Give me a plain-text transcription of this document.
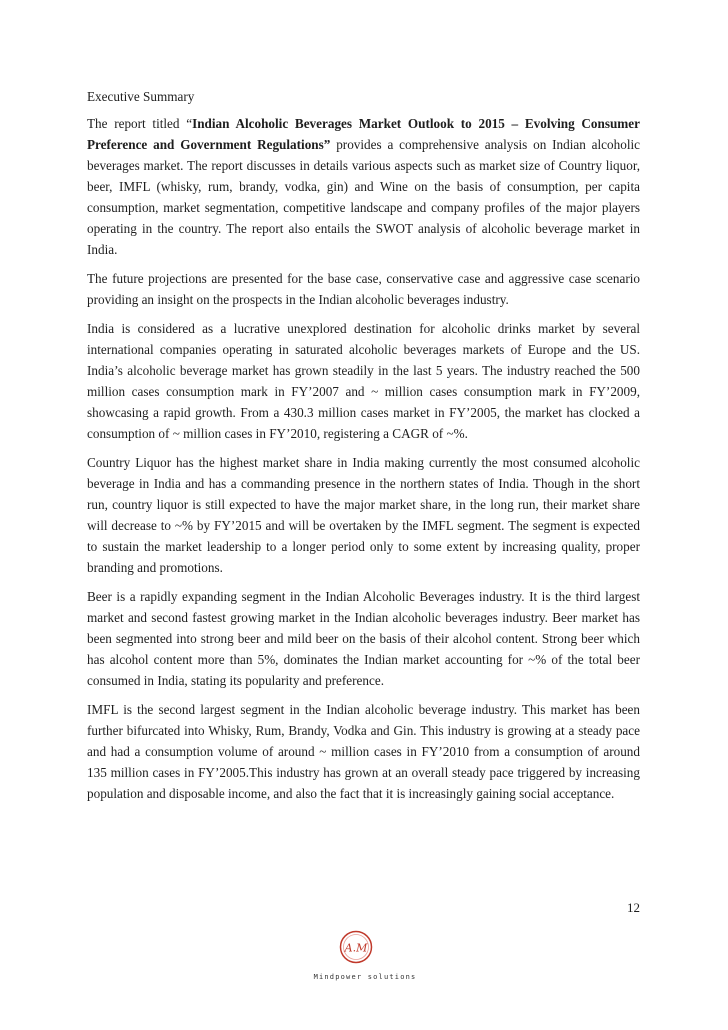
Executive Summary

The report titled “Indian Alcoholic Beverages Market Outlook to 2015 – Evolving Consumer Preference and Government Regulations” provides a comprehensive analysis on Indian alcoholic beverages market. The report discusses in details various aspects such as market size of Country liquor, beer, IMFL (whisky, rum, brandy, vodka, gin) and Wine on the basis of consumption, per capita consumption, market segmentation, competitive landscape and company profiles of the major players operating in the country. The report also entails the SWOT analysis of alcoholic beverage market in India.

The future projections are presented for the base case, conservative case and aggressive case scenario providing an insight on the prospects in the Indian alcoholic beverages industry.

India is considered as a lucrative unexplored destination for alcoholic drinks market by several international companies operating in saturated alcoholic beverages markets of Europe and the US. India’s alcoholic beverage market has grown steadily in the last 5 years. The industry reached the 500 million cases consumption mark in FY’2007 and ~ million cases consumption mark in FY’2009, showcasing a rapid growth. From a 430.3 million cases market in FY’2005, the market has clocked a consumption of ~ million cases in FY’2010, registering a CAGR of ~%.

Country Liquor has the highest market share in India making currently the most consumed alcoholic beverage in India and has a commanding presence in the northern states of India. Though in the short run, country liquor is still expected to have the major market share, in the long run, their market share will decrease to ~% by FY’2015 and will be overtaken by the IMFL segment. The segment is expected to sustain the market leadership to a longer period only to some extent by increasing quality, proper branding and promotions.

Beer is a rapidly expanding segment in the Indian Alcoholic Beverages industry. It is the third largest market and second fastest growing market in the Indian alcoholic beverages industry. Beer market has been segmented into strong beer and mild beer on the basis of their alcohol content. Strong beer which has alcohol content more than 5%, dominates the Indian market accounting for ~% of the total beer consumed in India, stating its popularity and preference.

IMFL is the second largest segment in the Indian alcoholic beverage industry. This market has been further bifurcated into Whisky, Rum, Brandy, Vodka and Gin. This industry is growing at a steady pace and had a consumption volume of around ~ million cases in FY’2010 from a consumption of around 135 million cases in FY’2005.This industry has grown at an overall steady pace triggered by increasing population and disposable income, and also the fact that it is increasingly gaining social acceptance.

12
A.M
Mindpower solutions
